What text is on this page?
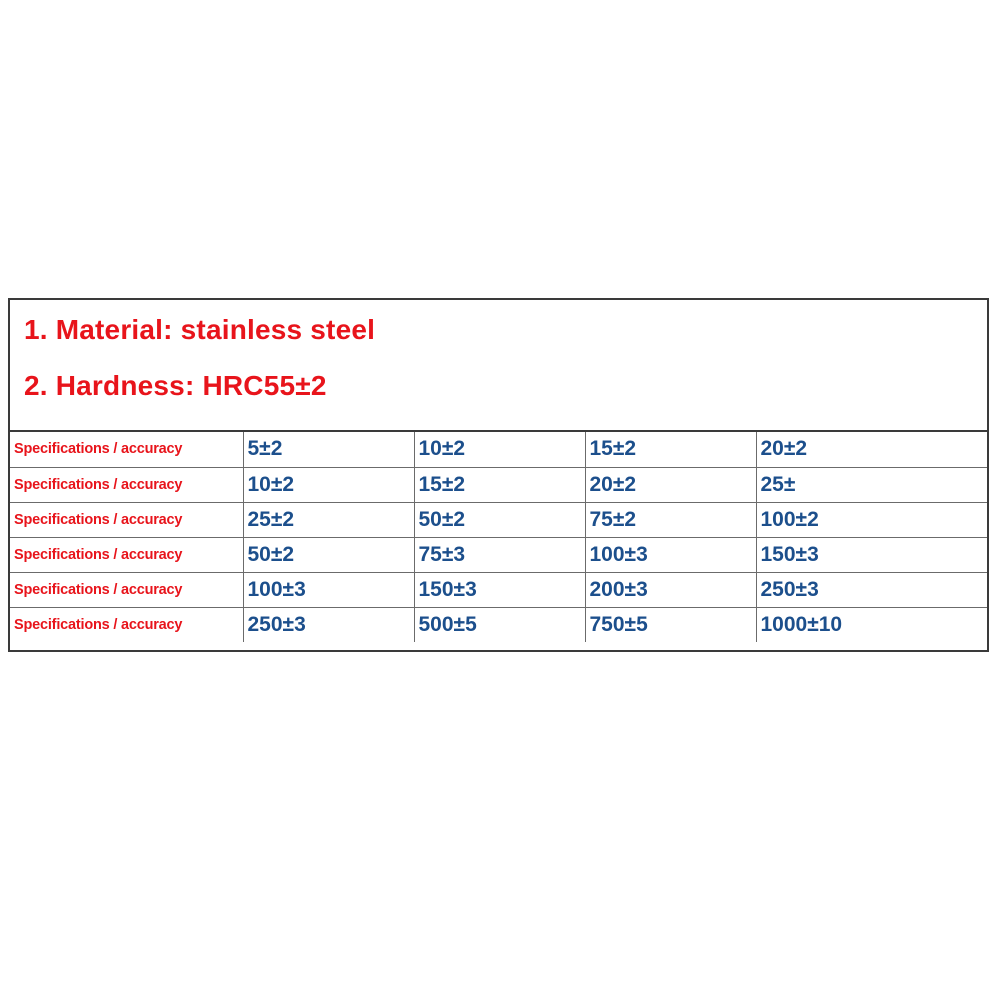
1. Material: stainless steel
2. Hardness: HRC55±2
Specifications / accuracy	5±2	10±2	15±2	20±2
Specifications / accuracy	10±2	15±2	20±2	25±
Specifications / accuracy	25±2	50±2	75±2	100±2
Specifications / accuracy	50±2	75±3	100±3	150±3
Specifications / accuracy	100±3	150±3	200±3	250±3
Specifications / accuracy	250±3	500±5	750±5	1000±10
